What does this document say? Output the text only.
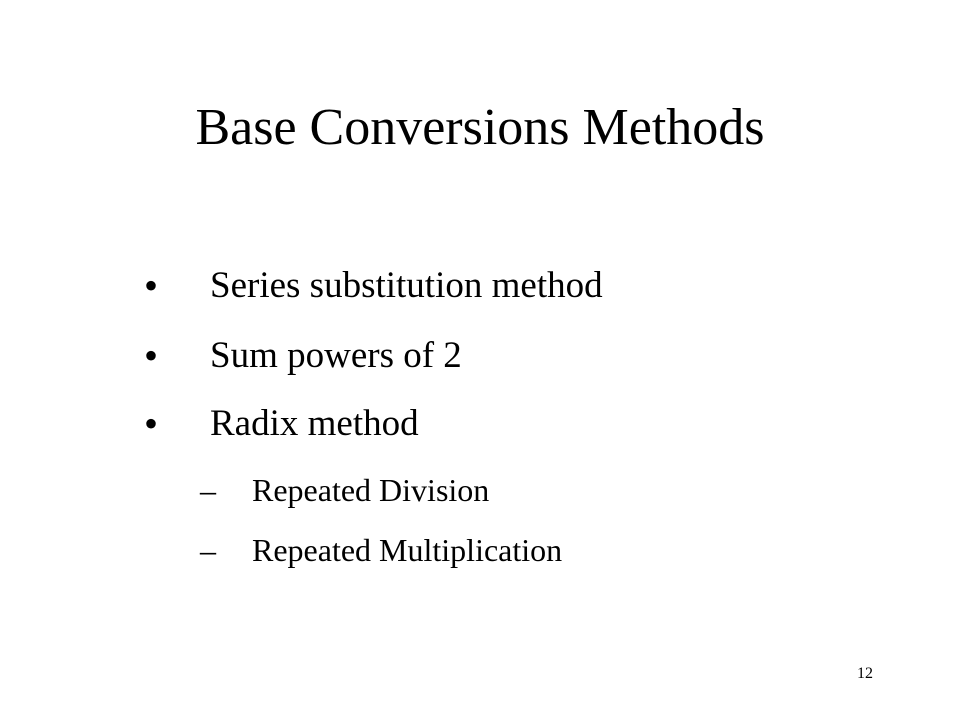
Base Conversions Methods
• Series substitution method
• Sum powers of 2
• Radix method
– Repeated Division
– Repeated Multiplication
12
